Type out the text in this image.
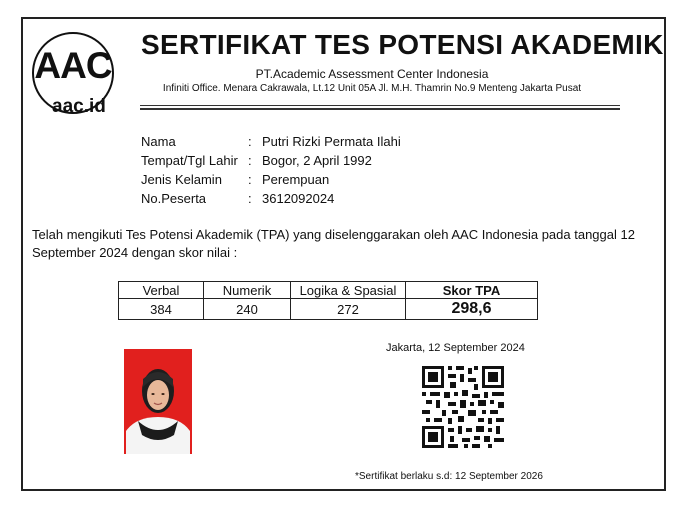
AAC
aac.id
SERTIFIKAT TES POTENSI AKADEMIK
PT.Academic Assessment Center Indonesia
Infiniti Office. Menara Cakrawala, Lt.12 Unit 05A Jl. M.H. Thamrin No.9 Menteng Jakarta Pusat
Nama	: Putri Rizki Permata Ilahi
Tempat/Tgl Lahir : Bogor, 2 April 1992
Jenis Kelamin	: Perempuan
No.Peserta	: 3612092024
Telah mengikuti Tes Potensi Akademik (TPA) yang diselenggarakan oleh AAC Indonesia pada tanggal 12 September 2024 dengan skor nilai :
Verbal	Numerik	Logika & Spasial	Skor TPA
384	240	272	298,6
Jakarta, 12 September 2024
*Sertifikat berlaku s.d: 12 September 2026
